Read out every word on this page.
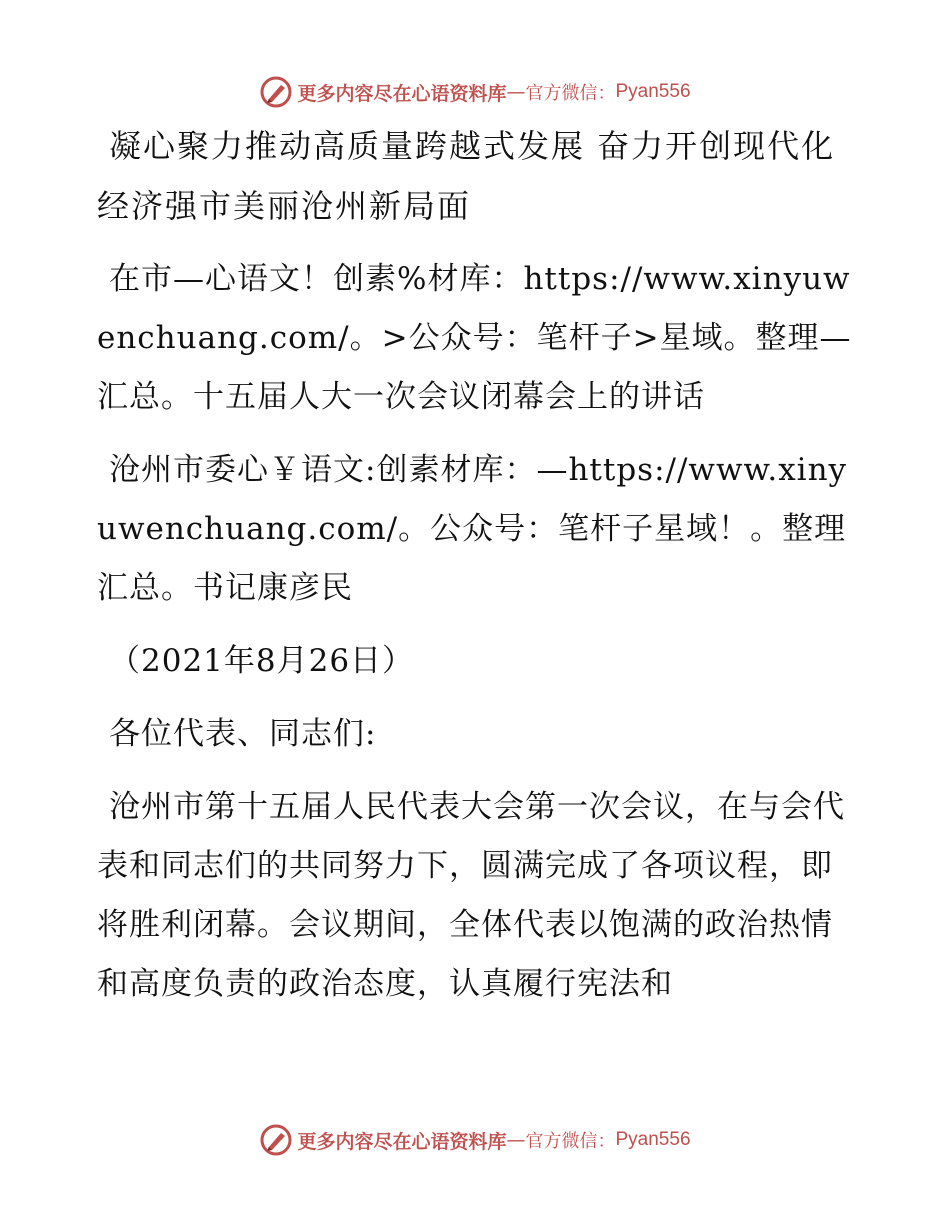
更多内容尽在心语资料库 — 官方微信： Pyan556

凝心聚力推动高质量跨越式发展 奋力开创现代化经济强市美丽沧州新局面

在市—心语文！创素%材库：https://www.xinyuwenchuang.com/。>公众号：笔杆子>星域。整理—汇总。十五届人大一次会议闭幕会上的讲话

沧州市委心￥语文:创素材库：—https://www.xinyuwenchuang.com/。公众号：笔杆子星域！。整理汇总。书记康彦民

（2021年8月26日）

各位代表、同志们:

沧州市第十五届人民代表大会第一次会议，在与会代表和同志们的共同努力下，圆满完成了各项议程，即将胜利闭幕。会议期间，全体代表以饱满的政治热情和高度负责的政治态度，认真履行宪法和

更多内容尽在心语资料库 — 官方微信： Pyan556
